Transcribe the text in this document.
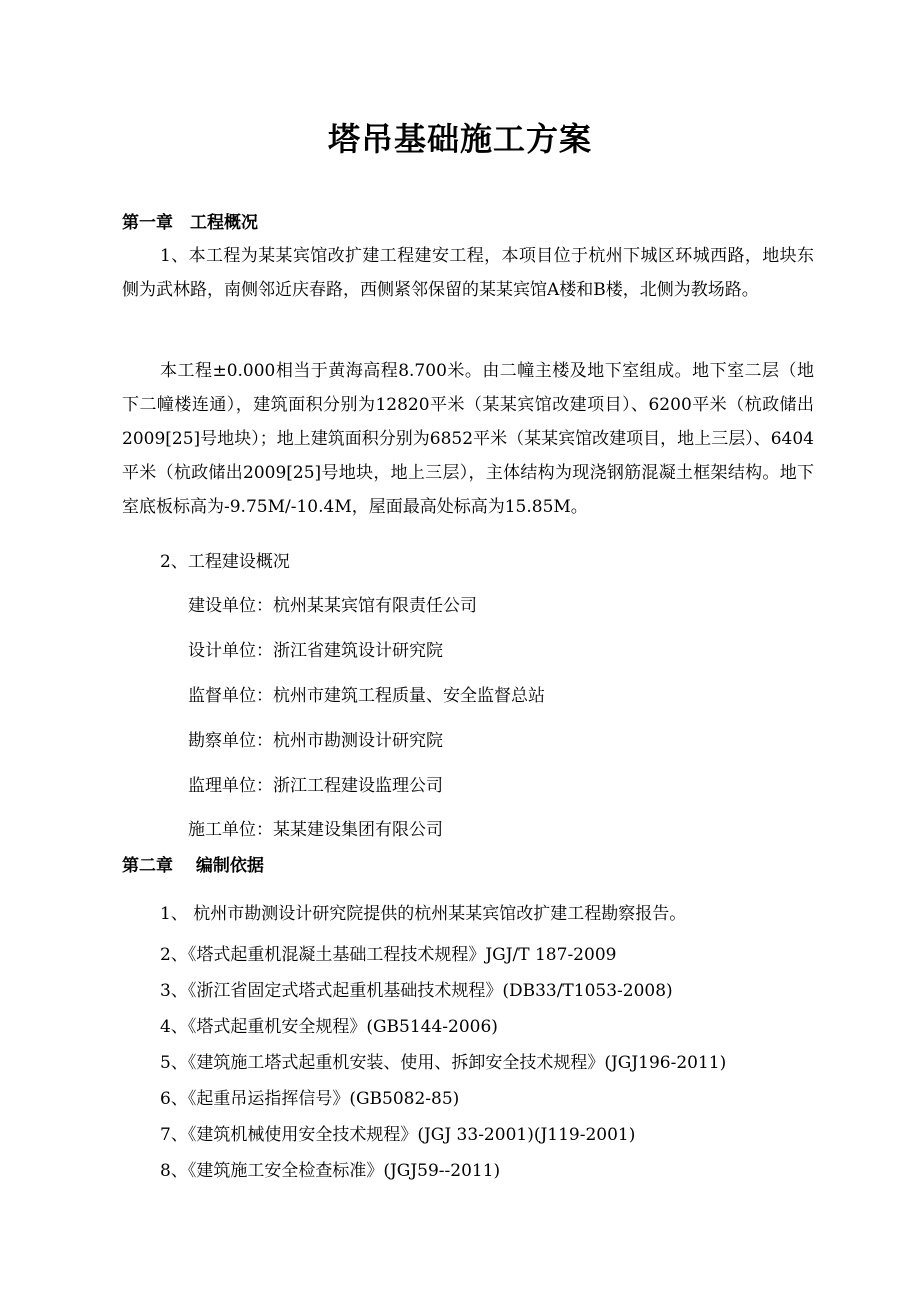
塔吊基础施工方案
第一章　工程概况
1、本工程为某某宾馆改扩建工程建安工程，本项目位于杭州下城区环城西路，地块东侧为武林路，南侧邻近庆春路，西侧紧邻保留的某某宾馆A楼和B楼，北侧为教场路。
本工程±0.000相当于黄海高程8.700米。由二幢主楼及地下室组成。地下室二层（地下二幢楼连通），建筑面积分别为12820平米（某某宾馆改建项目）、6200平米（杭政储出2009[25]号地块）；地上建筑面积分别为6852平米（某某宾馆改建项目，地上三层）、6404平米（杭政储出2009[25]号地块，地上三层），主体结构为现浇钢筋混凝土框架结构。地下室底板标高为-9.75M/-10.4M，屋面最高处标高为15.85M。
2、工程建设概况
建设单位：杭州某某宾馆有限责任公司
设计单位：浙江省建筑设计研究院
监督单位：杭州市建筑工程质量、安全监督总站
勘察单位：杭州市勘测设计研究院
监理单位：浙江工程建设监理公司
施工单位：某某建设集团有限公司
第二章　 编制依据
1、 杭州市勘测设计研究院提供的杭州某某宾馆改扩建工程勘察报告。
2、《塔式起重机混凝土基础工程技术规程》JGJ/T 187-2009
3、《浙江省固定式塔式起重机基础技术规程》(DB33/T1053-2008)
4、《塔式起重机安全规程》(GB5144-2006)
5、《建筑施工塔式起重机安装、使用、拆卸安全技术规程》(JGJ196-2011)
6、《起重吊运指挥信号》(GB5082-85)
7、《建筑机械使用安全技术规程》(JGJ 33-2001)(J119-2001)
8、《建筑施工安全检查标准》(JGJ59--2011)
